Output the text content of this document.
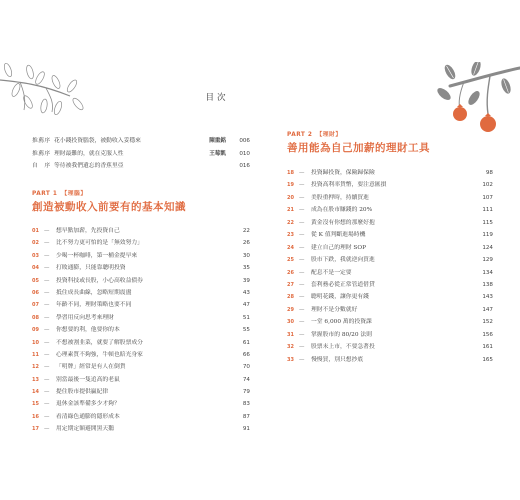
目次
推薦序 花小錢投資腦袋，被動收入妥穩來	陳重銘	006
推薦序 理財最難的，就在克服人性	王莓凱	010
自　序 等待被我們遺忘的香蕉里亞	016
PART 1 【理腦】
創造被動收入前要有的基本知識
01 —	想早點加薪，先投資自己	22
02 —	比不努力更可怕的是「無效努力」	26
03 —	少喝一杯咖啡，第一桶金提早來	30
04 —	打敗通膨，只能靠聰明投資	35
05 —	投資科技或長股，小心高收益債券	39
06 —	抵住成長曲線，忽略短期震盪	43
07 —	年齡不同，理財策略也要不同	47
08 —	學習用反向思考來理財	51
09 —	你想要的利，他要你的本	55
10 —	不想被割韭菜，就要了解股票成分	61
11 —	心理素質不夠強，牛頓也賠光身家	66
12 —	「明牌」經常是有人在倒貨	70
13 —	別當最後一隻追高的老鼠	74
14 —	提住股市提供贏紀律	79
15 —	退休金該準備多少才夠？	83
16 —	看清綠色通膨的隱形成本	87
17 —	用定期定額避開黑天鵝	91
PART 2 【理財】
善用能為自己加薪的理財工具
18 —	投資歸投資，保險歸保險	98
19 —	投資高利率貨幣，要注意匯損	102
20 —	美股重押時，持續買進	107
21 —	成為在股市賺錢的 20%	111
22 —	黃金沒有你想的那麼好抱	115
23 —	從 K 值判斷進場時機	119
24 —	建立自己的理財 SOP	124
25 —	股市下跌，我就逆向買進	129
26 —	配息不是一定要	134
27 —	套利務必從正常管道借貸	138
28 —	聰明花錢，讓你更有錢	143
29 —	理財不是分數就好	147
30 —	一堂 6,000 萬的投資課	152
31 —	掌握股市的 80/20 法則	156
32 —	股票未上市，不要急著投	161
33 —	慢慢買，別只想抄底	165
